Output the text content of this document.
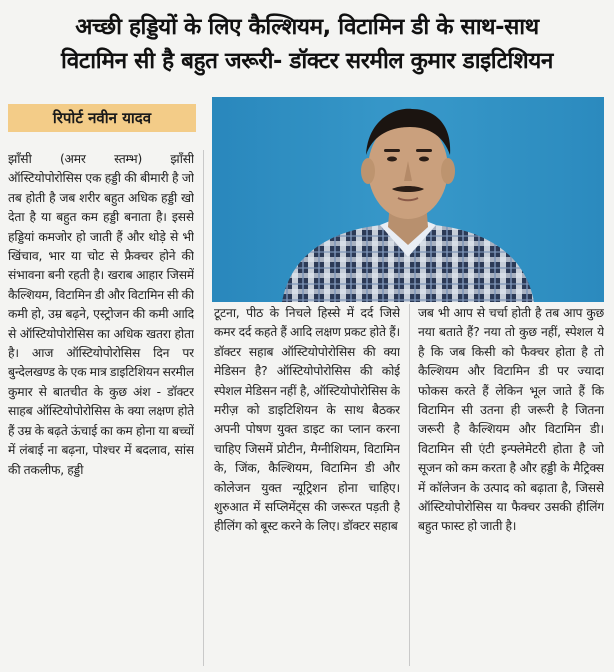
अच्छी हड्डियों के लिए कैल्शियम, विटामिन डी के साथ-साथ
विटामिन सी है बहुत जरूरी- डॉक्टर सरमील कुमार डाइटिशियन
रिपोर्ट नवीन यादव

झाँसी (अमर स्तम्भ) झाँसी ऑस्टियोपोरोसिस एक हड्डी की बीमारी है जो तब होती है जब शरीर बहुत अधिक हड्डी खो देता है या बहुत कम हड्डी बनाता है। इससे हड्डियां कमजोर हो जाती हैं और थोड़े से भी खिंचाव, भार या चोट से फ्रैक्चर होने की संभावना बनी रहती है। खराब आहार जिसमें कैल्शियम, विटामिन डी और विटामिन सी की कमी हो, उम्र बढ़ने, एस्ट्रोजन की कमी आदि से ऑस्टियोपोरोसिस का अधिक खतरा होता है। आज ऑस्टियोपोरोसिस दिन पर बुन्देलखण्ड के एक मात्र डाइटिशियन सरमील कुमार से बातचीत के कुछ अंश - डॉक्टर साहब ऑस्टियोपोरोसिस के क्या लक्षण होते हैं उम्र के बढ़ते ऊंचाई का कम होना या बच्चों में लंबाई ना बढ़ना, पोश्चर में बदलाव, सांस की तकलीफ, हड्डी

टूटना, पीठ के निचले हिस्से में दर्द जिसे कमर दर्द कहते हैं आदि लक्षण प्रकट होते हैं। डॉक्टर सहाब ऑस्टियोपोरोसिस की क्या मेडिसन है? ऑस्टियोपोरोसिस की कोई स्पेशल मेडिसन नहीं है, ऑस्टियोपोरोसिस के मरीज़ को डाइटिशियन के साथ बैठकर अपनी पोषण युक्त डाइट का प्लान करना चाहिए जिसमें प्रोटीन, मैग्नीशियम, विटामिन के, जिंक, कैल्शियम, विटामिन डी और कोलेजन युक्त न्यूट्रिशन होना चाहिए। शुरुआत में सप्लिमेंट्स की जरूरत पड़ती है हीलिंग को बूस्ट करने के लिए। डॉक्टर सहाब

जब भी आप से चर्चा होती है तब आप कुछ नया बताते हैं? नया तो कुछ नहीं, स्पेशल ये है कि जब किसी को फैक्चर होता है तो कैल्शियम और विटामिन डी पर ज्यादा फोकस करते हैं लेकिन भूल जाते हैं कि विटामिन सी उतना ही जरूरी है जितना जरूरी है कैल्शियम और विटामिन डी। विटामिन सी एंटी इन्फ्लेमेटरी होता है जो सूजन को कम करता है और हड्डी के मैट्रिक्स में कॉलेजन के उत्पाद को बढ़ाता है, जिससे ऑस्टियोपोरोसिस या फैक्चर उसकी हीलिंग बहुत फास्ट हो जाती है।
